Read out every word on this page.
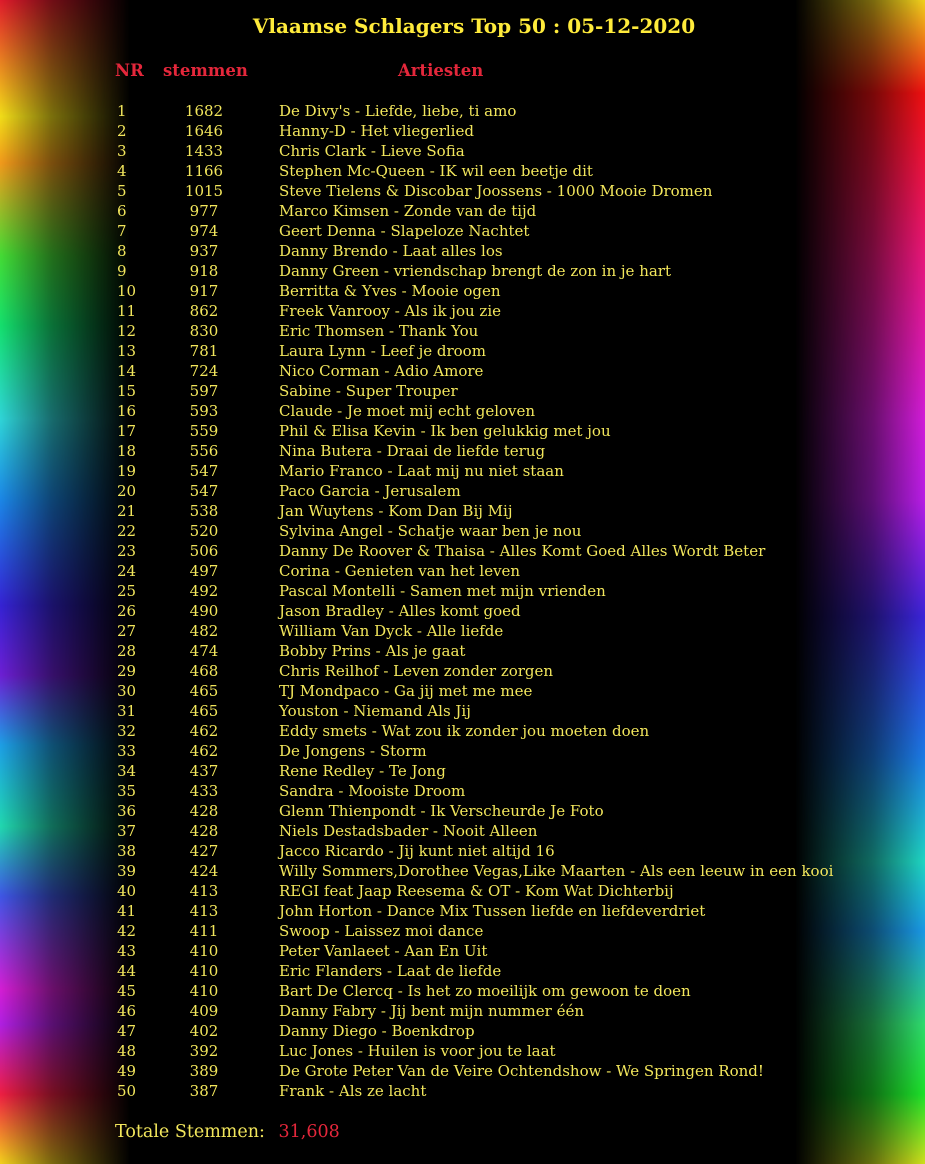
Vlaamse Schlagers Top 50 : 05-12-2020
NR stemmen	Artiesten
1	1682	De Divy's - Liefde, liebe, ti amo
2	1646	Hanny-D - Het vliegerlied
3	1433	Chris Clark - Lieve Sofia
4	1166	Stephen Mc-Queen - IK wil een beetje dit
5	1015	Steve Tielens & Discobar Joossens - 1000 Mooie Dromen
6	977	Marco Kimsen - Zonde van de tijd
7	974	Geert Denna - Slapeloze Nachtet
8	937	Danny Brendo - Laat alles los
9	918	Danny Green - vriendschap brengt de zon in je hart
10	917	Berritta & Yves - Mooie ogen
11	862	Freek Vanrooy - Als ik jou zie
12	830	Eric Thomsen - Thank You
13	781	Laura Lynn - Leef je droom
14	724	Nico Corman - Adio Amore
15	597	Sabine - Super Trouper
16	593	Claude - Je moet mij echt geloven
17	559	Phil & Elisa Kevin - Ik ben gelukkig met jou
18	556	Nina Butera - Draai de liefde terug
19	547	Mario Franco - Laat mij nu niet staan
20	547	Paco Garcia - Jerusalem
21	538	Jan Wuytens - Kom Dan Bij Mij
22	520	Sylvina Angel - Schatje waar ben je nou
23	506	Danny De Roover & Thaisa - Alles Komt Goed Alles Wordt Beter
24	497	Corina - Genieten van het leven
25	492	Pascal Montelli - Samen met mijn vrienden
26	490	Jason Bradley - Alles komt goed
27	482	William Van Dyck - Alle liefde
28	474	Bobby Prins - Als je gaat
29	468	Chris Reilhof - Leven zonder zorgen
30	465	TJ Mondpaco - Ga jij met me mee
31	465	Youston - Niemand Als Jij
32	462	Eddy smets - Wat zou ik zonder jou moeten doen
33	462	De Jongens - Storm
34	437	Rene Redley - Te Jong
35	433	Sandra - Mooiste Droom
36	428	Glenn Thienpondt - Ik Verscheurde Je Foto
37	428	Niels Destadsbader - Nooit Alleen
38	427	Jacco Ricardo - Jij kunt niet altijd 16
39	424	Willy Sommers,Dorothee Vegas,Like Maarten - Als een leeuw in een kooi
40	413	REGI feat Jaap Reesema & OT - Kom Wat Dichterbij
41	413	John Horton - Dance Mix Tussen liefde en liefdeverdriet
42	411	Swoop - Laissez moi dance
43	410	Peter Vanlaeet - Aan En Uit
44	410	Eric Flanders - Laat de liefde
45	410	Bart De Clercq - Is het zo moeilijk om gewoon te doen
46	409	Danny Fabry - Jij bent mijn nummer één
47	402	Danny Diego - Boenkdrop
48	392	Luc Jones - Huilen is voor jou te laat
49	389	De Grote Peter Van de Veire Ochtendshow - We Springen Rond!
50	387	Frank - Als ze lacht
Totale Stemmen: 31,608
